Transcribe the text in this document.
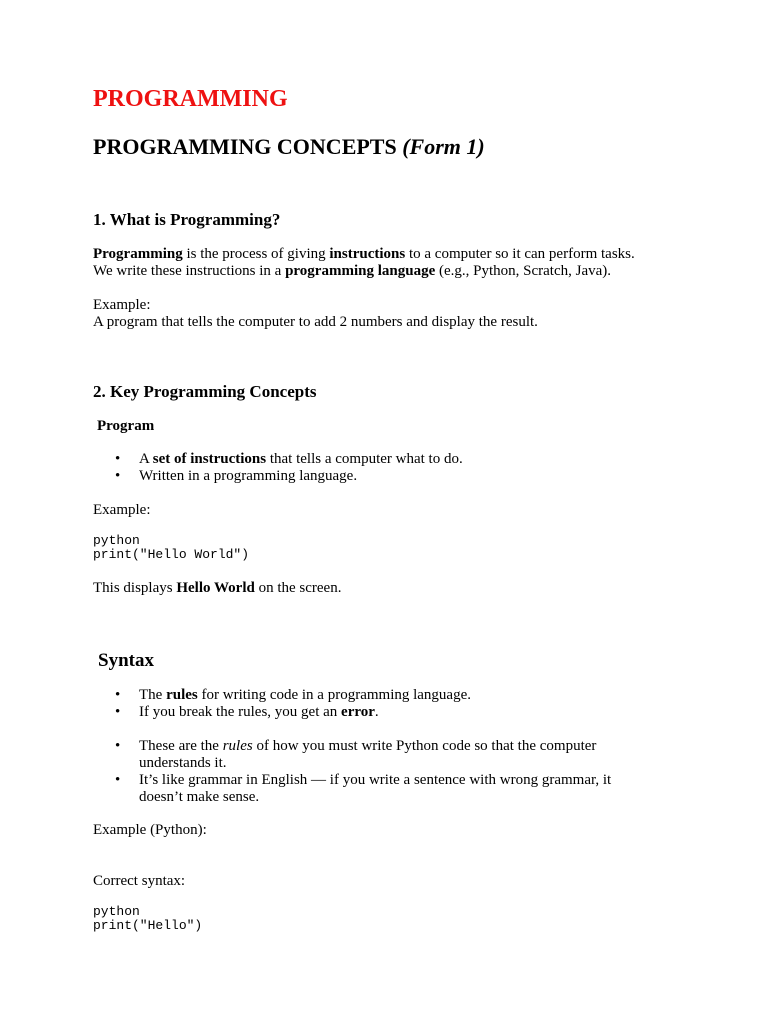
PROGRAMMING
PROGRAMMING CONCEPTS (Form 1)
1. What is Programming?
Programming is the process of giving instructions to a computer so it can perform tasks.
We write these instructions in a programming language (e.g., Python, Scratch, Java).
Example:
A program that tells the computer to add 2 numbers and display the result.
2. Key Programming Concepts
Program
• A set of instructions that tells a computer what to do.
• Written in a programming language.
Example:
python
print("Hello World")
This displays Hello World on the screen.
Syntax
• The rules for writing code in a programming language.
• If you break the rules, you get an error.
• These are the rules of how you must write Python code so that the computer understands it.
• It’s like grammar in English — if you write a sentence with wrong grammar, it doesn’t make sense.
Example (Python):
Correct syntax:
python
print("Hello")
